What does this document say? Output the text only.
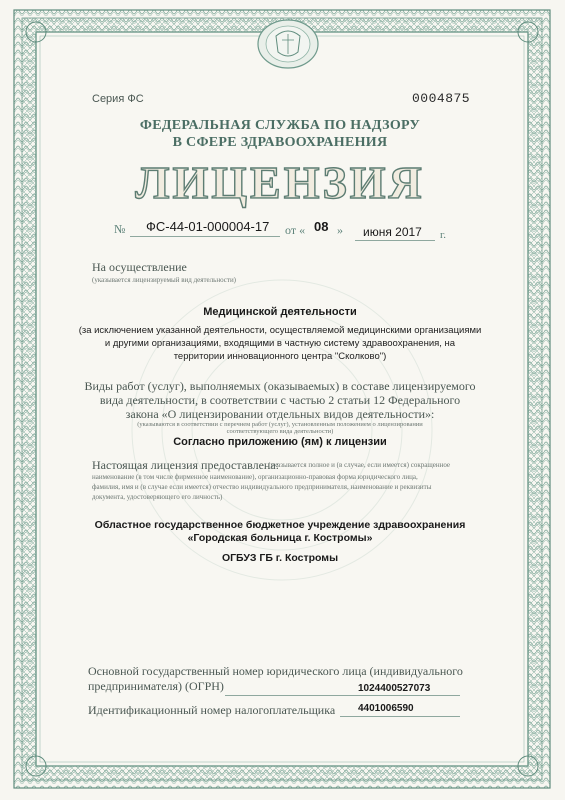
Серия ФС	0004875
ФЕДЕРАЛЬНАЯ СЛУЖБА ПО НАДЗОРУ
В СФЕРЕ ЗДРАВООХРАНЕНИЯ
ЛИЦЕНЗИЯ
№ ФС-44-01-000004-17 от « 08 » июня 2017 г.
На осуществление
(указывается лицензируемый вид деятельности)
Медицинской деятельности
(за исключением указанной деятельности, осуществляемой медицинскими организациями
и другими организациями, входящими в частную систему здравоохранения, на
территории инновационного центра "Сколково")
Виды работ (услуг), выполняемых (оказываемых) в составе лицензируемого
вида деятельности, в соответствии с частью 2 статьи 12 Федерального
закона «О лицензировании отдельных видов деятельности»:
(указываются в соответствии с перечнем работ (услуг), установленным положением о лицензировании
соответствующего вида деятельности)
Согласно приложению (ям) к лицензии
Настоящая лицензия предоставлена:
(указывается полное и (в случае, если имеется) сокращенное
наименование (в том числе фирменное наименование), организационно-правовая форма юридического лица,
фамилия, имя и (в случае если имеется) отчество индивидуального предпринимателя, наименование и реквизиты
документа, удостоверяющего его личность)
Областное государственное бюджетное учреждение здравоохранения
«Городская больница г. Костромы»
ОГБУЗ ГБ г. Костромы
Основной государственный номер юридического лица (индивидуального
предпринимателя) (ОГРН)	1024400527073
Идентификационный номер налогоплательщика 4401006590
